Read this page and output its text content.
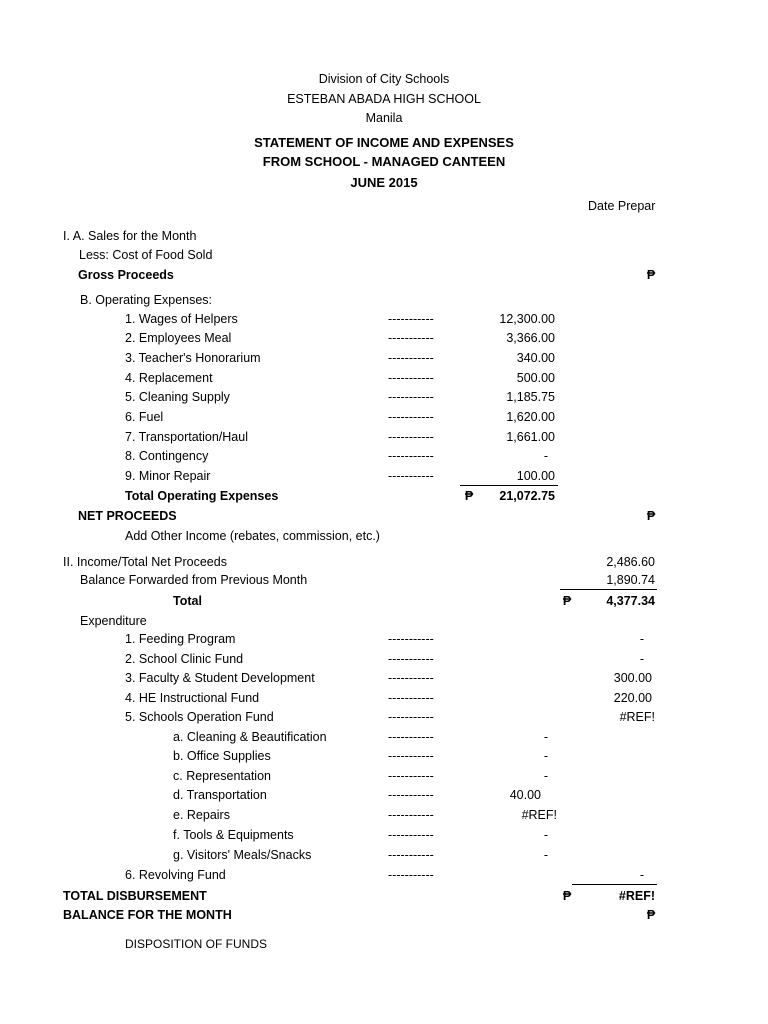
Division of City Schools
ESTEBAN ABADA HIGH SCHOOL
Manila
STATEMENT OF INCOME AND EXPENSES
FROM SCHOOL - MANAGED CANTEEN
JUNE 2015
Date Prepar
I. A. Sales for the Month
Less: Cost of Food Sold
Gross Proceeds	₱
B. Operating Expenses:
1. Wages of Helpers	-----------	12,300.00
2. Employees Meal	-----------	3,366.00
3. Teacher's Honorarium	-----------	340.00
4. Replacement	-----------	500.00
5. Cleaning Supply	-----------	1,185.75
6. Fuel	-----------	1,620.00
7. Transportation/Haul	-----------	1,661.00
8. Contingency	-----------	-
9. Minor Repair	-----------	100.00
Total Operating Expenses	₱	21,072.75
NET PROCEEDS	₱
Add Other Income (rebates, commission, etc.)
II. Income/Total Net Proceeds	2,486.60
Balance Forwarded from Previous Month	1,890.74
Total	₱	4,377.34
Expenditure
1. Feeding Program	-----------	-
2. School Clinic Fund	-----------	-
3. Faculty & Student Development	-----------	300.00
4. HE Instructional Fund	-----------	220.00
5. Schools Operation Fund	-----------	#REF!
a. Cleaning & Beautification	-----------	-
b. Office Supplies	-----------	-
c. Representation	-----------	-
d. Transportation	-----------	40.00
e. Repairs	-----------	#REF!
f. Tools & Equipments	-----------	-
g. Visitors' Meals/Snacks	-----------	-
6. Revolving Fund	-----------	-
TOTAL DISBURSEMENT	₱	#REF!
BALANCE FOR THE MONTH	₱
DISPOSITION OF FUNDS
